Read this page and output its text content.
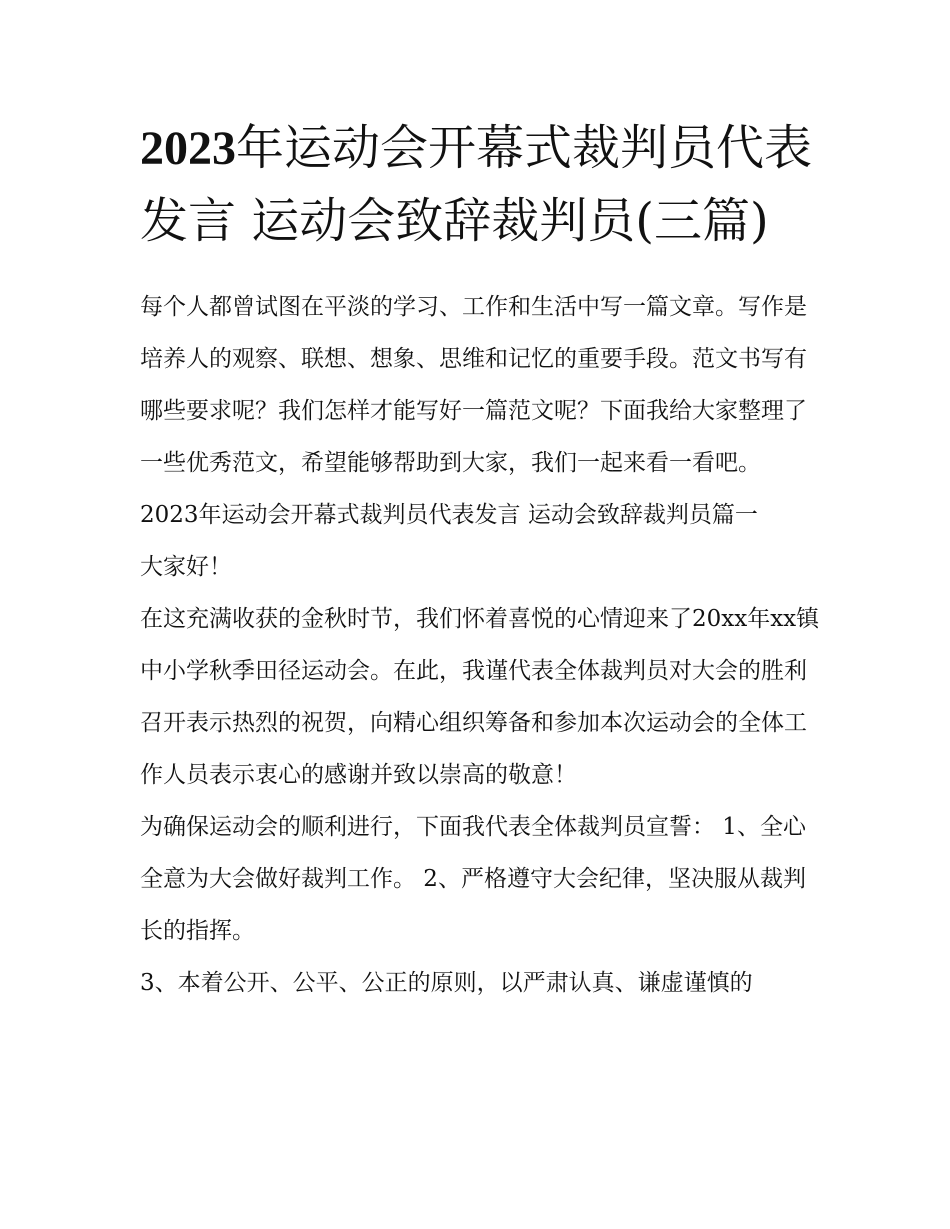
2023年运动会开幕式裁判员代表发言 运动会致辞裁判员(三篇)

每个人都曾试图在平淡的学习、工作和生活中写一篇文章。写作是培养人的观察、联想、想象、思维和记忆的重要手段。范文书写有哪些要求呢？我们怎样才能写好一篇范文呢？下面我给大家整理了一些优秀范文，希望能够帮助到大家，我们一起来看一看吧。

2023年运动会开幕式裁判员代表发言 运动会致辞裁判员篇一

大家好！

在这充满收获的金秋时节，我们怀着喜悦的心情迎来了20xx年xx镇中小学秋季田径运动会。在此，我谨代表全体裁判员对大会的胜利召开表示热烈的祝贺，向精心组织筹备和参加本次运动会的全体工作人员表示衷心的感谢并致以崇高的敬意！

为确保运动会的顺利进行，下面我代表全体裁判员宣誓： 1、全心全意为大会做好裁判工作。 2、严格遵守大会纪律，坚决服从裁判长的指挥。

3、本着公开、公平、公正的原则，以严肃认真、谦虚谨慎的
